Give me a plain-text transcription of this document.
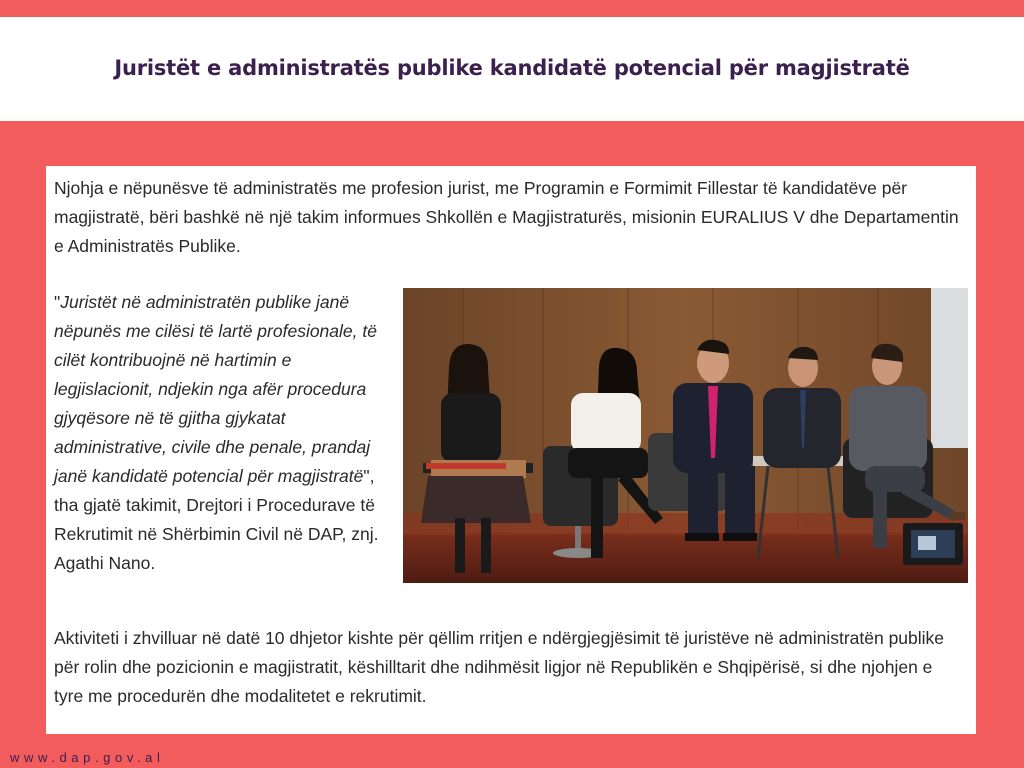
Juristët e administratës publike kandidatë potencial për magjistratë

Njohja e nëpunësve të administratës me profesion jurist, me Programin e Formimit Fillestar të kandidatëve për magjistratë, bëri bashkë në një takim informues Shkollën e Magjistraturës, misionin EURALIUS V dhe Departamentin e Administratës Publike.

"Juristët në administratën publike janë nëpunës me cilësi të lartë profesionale, të cilët kontribuojnë në hartimin e legjislacionit, ndjekin nga afër procedura gjyqësore në të gjitha gjykatat administrative, civile dhe penale, prandaj janë kandidatë potencial për magjistratë", tha gjatë takimit, Drejtori i Procedurave të Rekrutimit në Shërbimin Civil në DAP, znj. Agathi Nano.

Aktiviteti i zhvilluar në datë 10 dhjetor kishte për qëllim rritjen e ndërgjegjësimit të juristëve në administratën publike për rolin dhe pozicionin e magjistratit, këshilltarit dhe ndihmësit ligjor në Republikën e Shqipërisë, si dhe njohjen e tyre me procedurën dhe modalitetet e rekrutimit.

www.dap.gov.al
